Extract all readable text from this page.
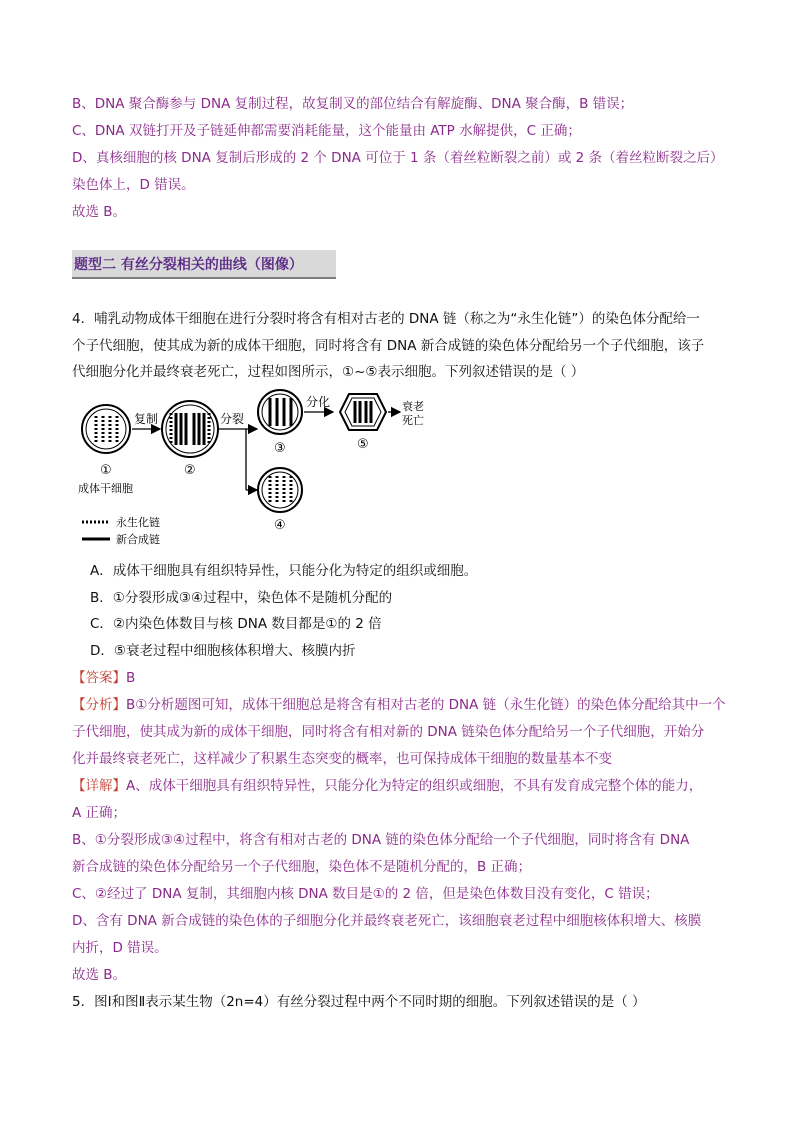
B、DNA 聚合酶参与 DNA 复制过程，故复制叉的部位结合有解旋酶、DNA 聚合酶，B 错误；
C、DNA 双链打开及子链延伸都需要消耗能量，这个能量由 ATP 水解提供，C 正确；
D、真核细胞的核 DNA 复制后形成的 2 个 DNA 可位于 1 条（着丝粒断裂之前）或 2 条（着丝粒断裂之后）
染色体上，D 错误。
故选 B。
题型二 有丝分裂相关的曲线（图像）
4．哺乳动物成体干细胞在进行分裂时将含有相对古老的 DNA 链（称之为“永生化链”）的染色体分配给一
个子代细胞，使其成为新的成体干细胞，同时将含有 DNA 新合成链的染色体分配给另一个子代细胞，该子
代细胞分化并最终衰老死亡，过程如图所示，①~⑤表示细胞。下列叙述错误的是（ ）
①
成体干细胞
复制
②
分裂
③
分化
⑤
衰老
死亡
④
永生化链
新合成链
A．成体干细胞具有组织特异性，只能分化为特定的组织或细胞。
B．①分裂形成③④过程中，染色体不是随机分配的
C．②内染色体数目与核 DNA 数目都是①的 2 倍
D．⑤衰老过程中细胞核体积增大、核膜内折
【答案】B
【分析】B①分析题图可知，成体干细胞总是将含有相对古老的 DNA 链（永生化链）的染色体分配给其中一个
子代细胞，使其成为新的成体干细胞，同时将含有相对新的 DNA 链染色体分配给另一个子代细胞，开始分
化并最终衰老死亡，这样减少了积累生态突变的概率，也可保持成体干细胞的数量基本不变
【详解】A、成体干细胞具有组织特异性，只能分化为特定的组织或细胞，不具有发育成完整个体的能力，
A 正确；
B、①分裂形成③④过程中，将含有相对古老的 DNA 链的染色体分配给一个子代细胞，同时将含有 DNA
新合成链的染色体分配给另一个子代细胞，染色体不是随机分配的，B 正确；
C、②经过了 DNA 复制，其细胞内核 DNA 数目是①的 2 倍，但是染色体数目没有变化，C 错误；
D、含有 DNA 新合成链的染色体的子细胞分化并最终衰老死亡，该细胞衰老过程中细胞核体积增大、核膜
内折，D 错误。
故选 B。
5．图Ⅰ和图Ⅱ表示某生物（2n=4）有丝分裂过程中两个不同时期的细胞。下列叙述错误的是（ ）
